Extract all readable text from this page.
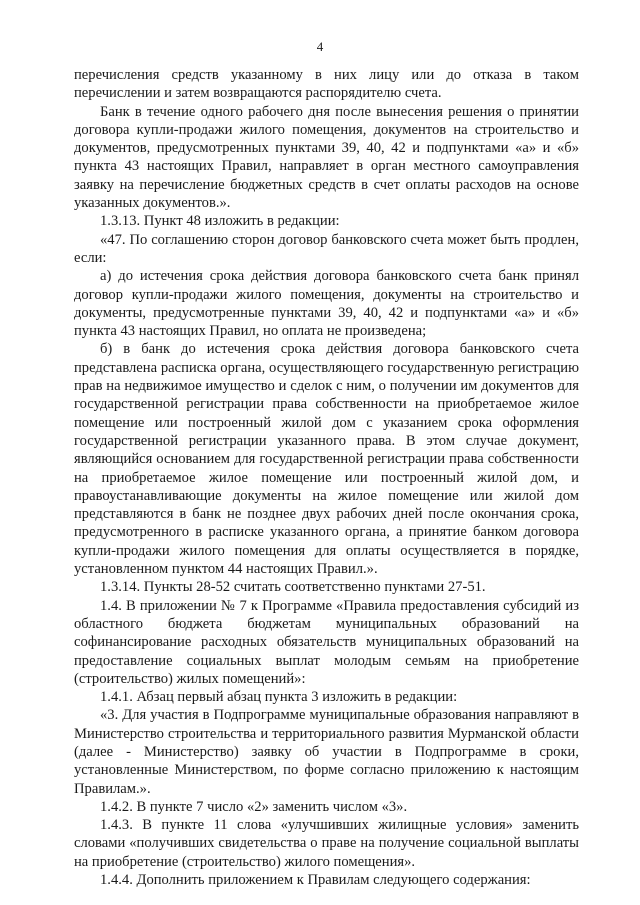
4

перечисления средств указанному в них лицу или до отказа в таком перечислении и затем возвращаются распорядителю счета.

Банк в течение одного рабочего дня после вынесения решения о принятии договора купли-продажи жилого помещения, документов на строительство и документов, предусмотренных пунктами 39, 40, 42 и подпунктами «а» и «б» пункта 43 настоящих Правил, направляет в орган местного самоуправления заявку на перечисление бюджетных средств в счет оплаты расходов на основе указанных документов.».

1.3.13. Пункт 48 изложить в редакции:

«47. По соглашению сторон договор банковского счета может быть продлен, если:

а) до истечения срока действия договора банковского счета банк принял договор купли-продажи жилого помещения, документы на строительство и документы, предусмотренные пунктами 39, 40, 42 и подпунктами «а» и «б» пункта 43 настоящих Правил, но оплата не произведена;

б) в банк до истечения срока действия договора банковского счета представлена расписка органа, осуществляющего государственную регистрацию прав на недвижимое имущество и сделок с ним, о получении им документов для государственной регистрации права собственности на приобретаемое жилое помещение или построенный жилой дом с указанием срока оформления государственной регистрации указанного права. В этом случае документ, являющийся основанием для государственной регистрации права собственности на приобретаемое жилое помещение или построенный жилой дом, и правоустанавливающие документы на жилое помещение или жилой дом представляются в банк не позднее двух рабочих дней после окончания срока, предусмотренного в расписке указанного органа, а принятие банком договора купли-продажи жилого помещения для оплаты осуществляется в порядке, установленном пунктом 44 настоящих Правил.».

1.3.14. Пункты 28-52 считать соответственно пунктами 27-51.

1.4. В приложении № 7 к Программе «Правила предоставления субсидий из областного бюджета бюджетам муниципальных образований на софинансирование расходных обязательств муниципальных образований на предоставление социальных выплат молодым семьям на приобретение (строительство) жилых помещений»:

1.4.1. Абзац первый абзац пункта 3 изложить в редакции:

«3. Для участия в Подпрограмме муниципальные образования направляют в Министерство строительства и территориального развития Мурманской области (далее - Министерство) заявку об участии в Подпрограмме в сроки, установленные Министерством, по форме согласно приложению к настоящим Правилам.».

1.4.2. В пункте 7 число «2» заменить числом «3».

1.4.3. В пункте 11 слова «улучшивших жилищные условия» заменить словами «получивших свидетельства о праве на получение социальной выплаты на приобретение (строительство) жилого помещения».

1.4.4. Дополнить приложением к Правилам следующего содержания:
